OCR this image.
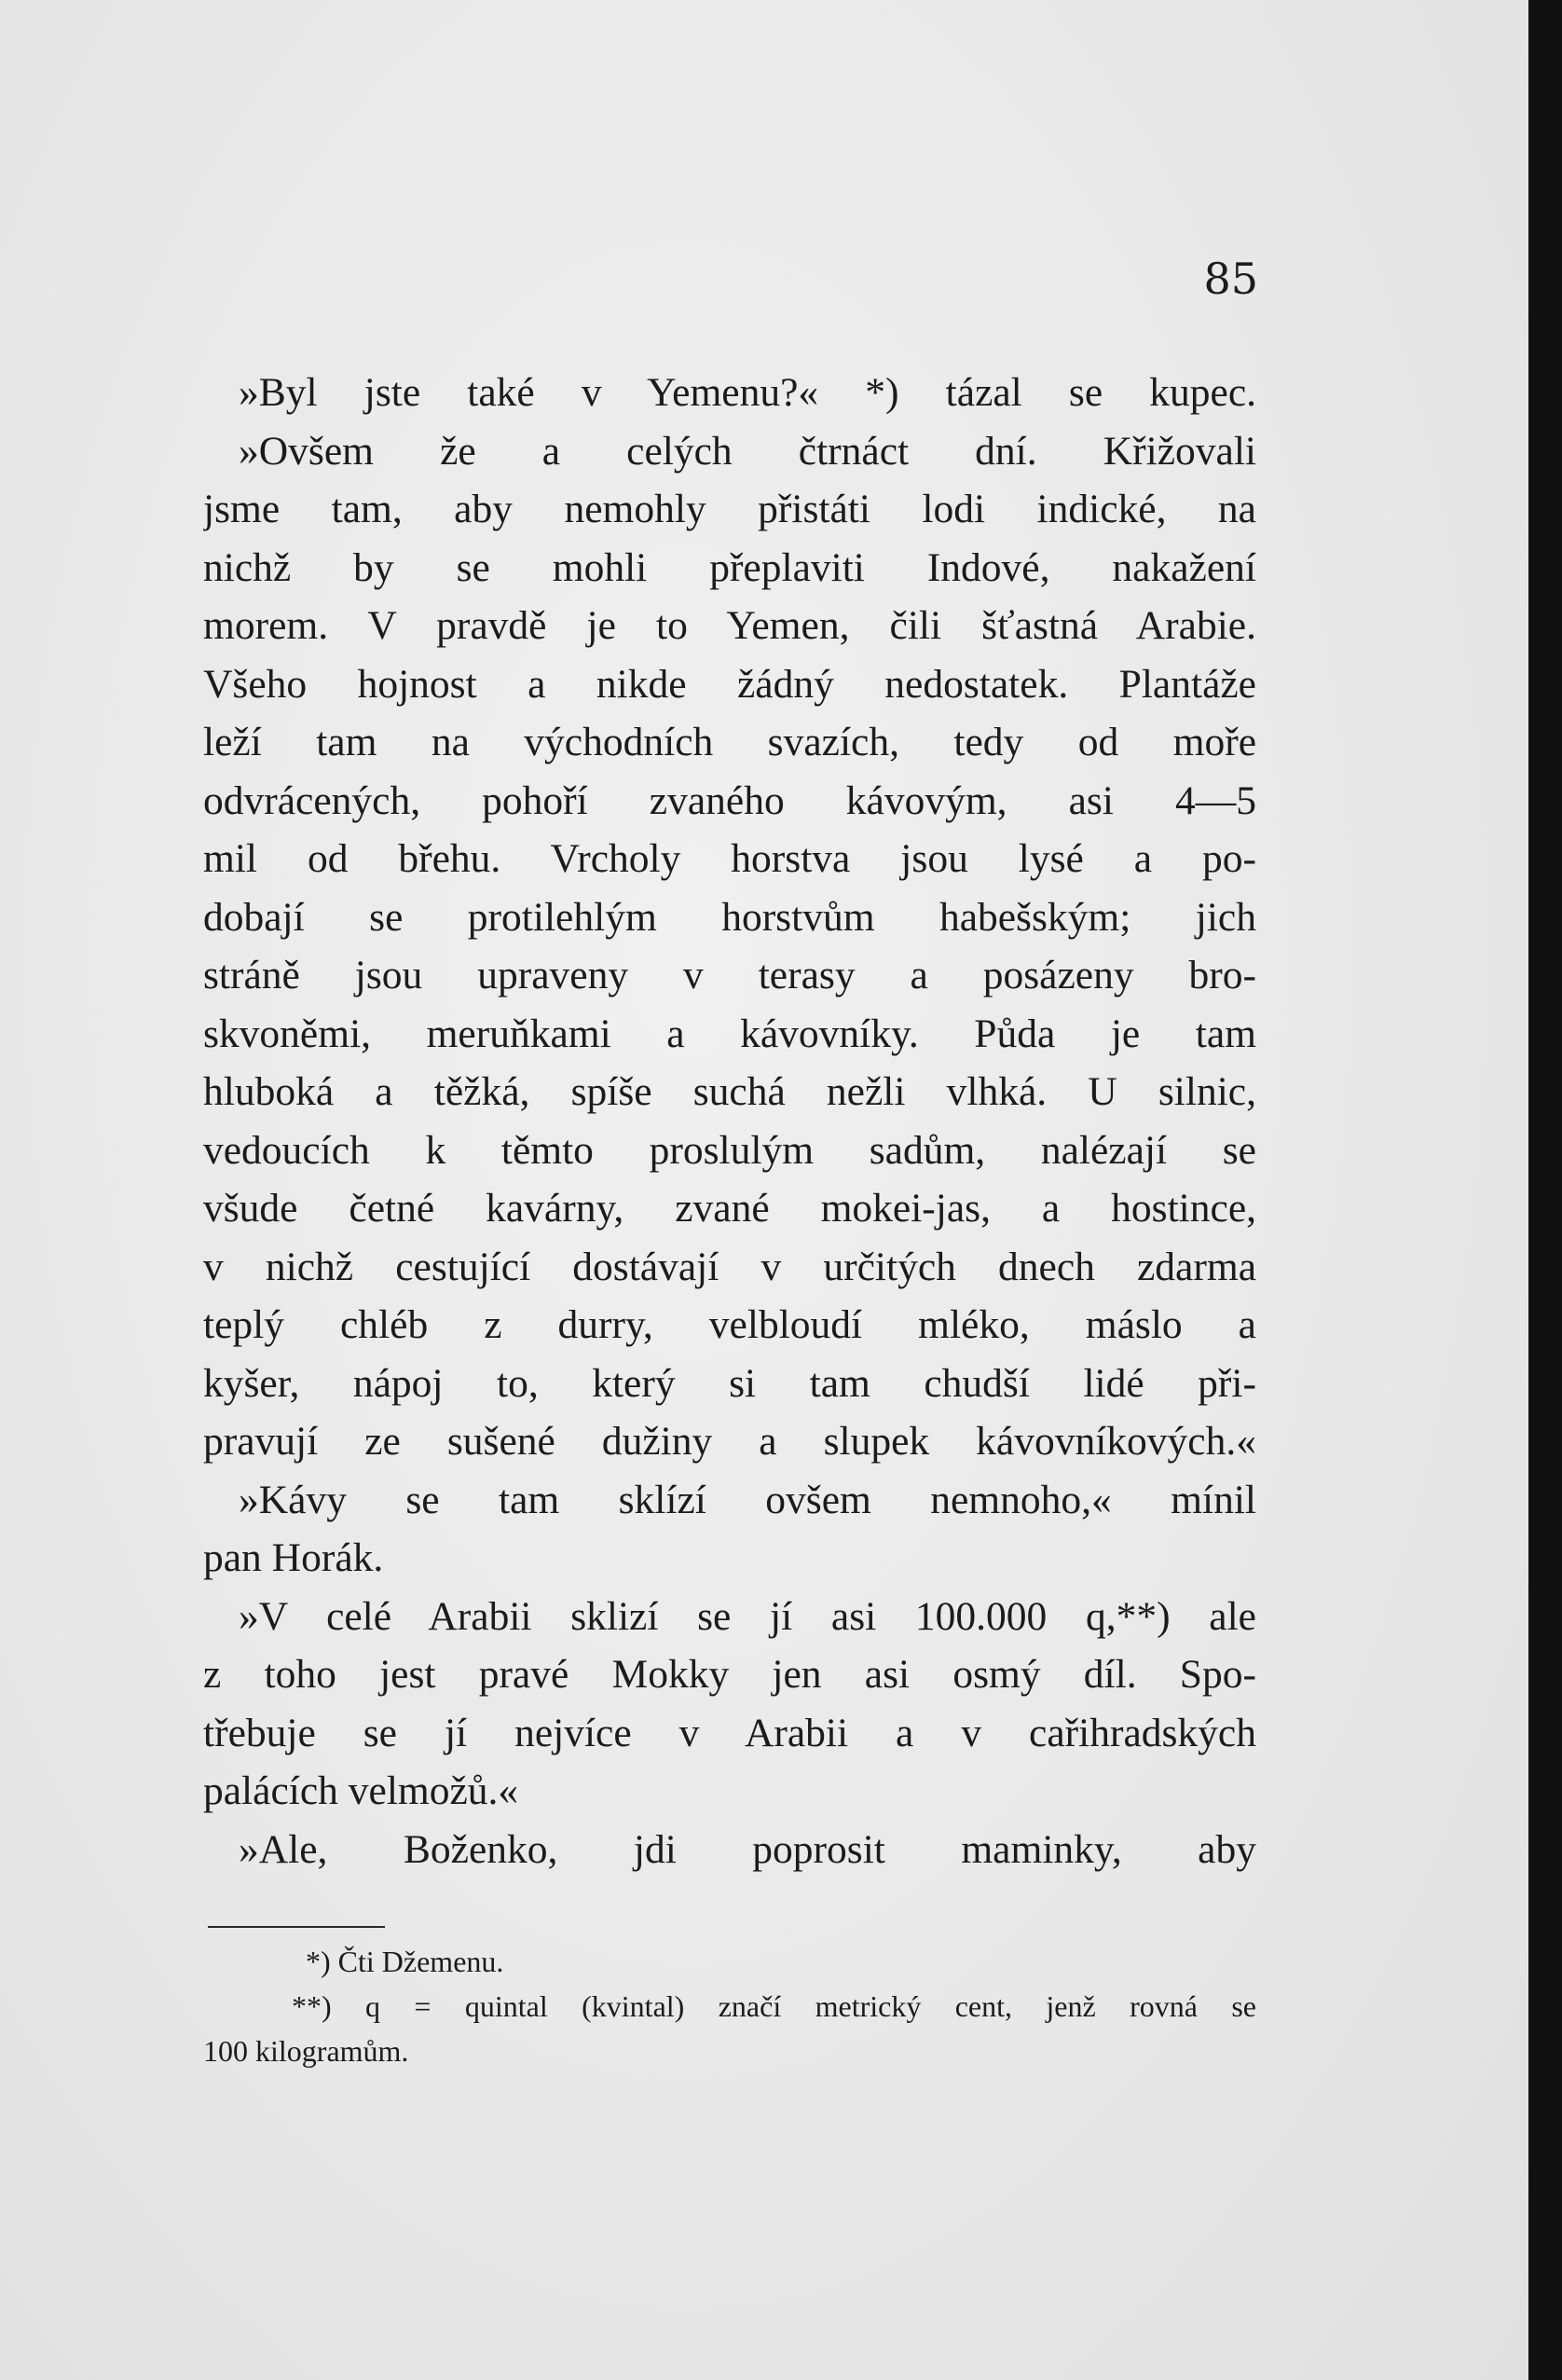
85
»Byl jste také v Yemenu?« *) tázal se kupec.
»Ovšem že a celých čtrnáct dní. Křižovali
jsme tam, aby nemohly přistáti lodi indické, na
nichž by se mohli přeplaviti Indové, nakažení
morem. V pravdě je to Yemen, čili šťastná Arabie.
Všeho hojnost a nikde žádný nedostatek. Plantáže
leží tam na východních svazích, tedy od moře
odvrácených, pohoří zvaného kávovým, asi 4—5
mil od břehu. Vrcholy horstva jsou lysé a po-
dobají se protilehlým horstvům habešským; jich
stráně jsou upraveny v terasy a posázeny bro-
skvoněmi, meruňkami a kávovníky. Půda je tam
hluboká a těžká, spíše suchá nežli vlhká. U silnic,
vedoucích k těmto proslulým sadům, nalézají se
všude četné kavárny, zvané mokei-jas, a hostince,
v nichž cestující dostávají v určitých dnech zdarma
teplý chléb z durry, velbloudí mléko, máslo a
kyšer, nápoj to, který si tam chudší lidé při-
pravují ze sušené dužiny a slupek kávovníkových.«
»Kávy se tam sklízí ovšem nemnoho,« mínil
pan Horák.
»V celé Arabii sklizí se jí asi 100.000 q,**) ale
z toho jest pravé Mokky jen asi osmý díl. Spo-
třebuje se jí nejvíce v Arabii a v cařihradských
palácích velmožů.«
»Ale, Boženko, jdi poprosit maminky, aby
*) Čti Džemenu.
**) q = quintal (kvintal) značí metrický cent, jenž rovná se
100 kilogramům.
